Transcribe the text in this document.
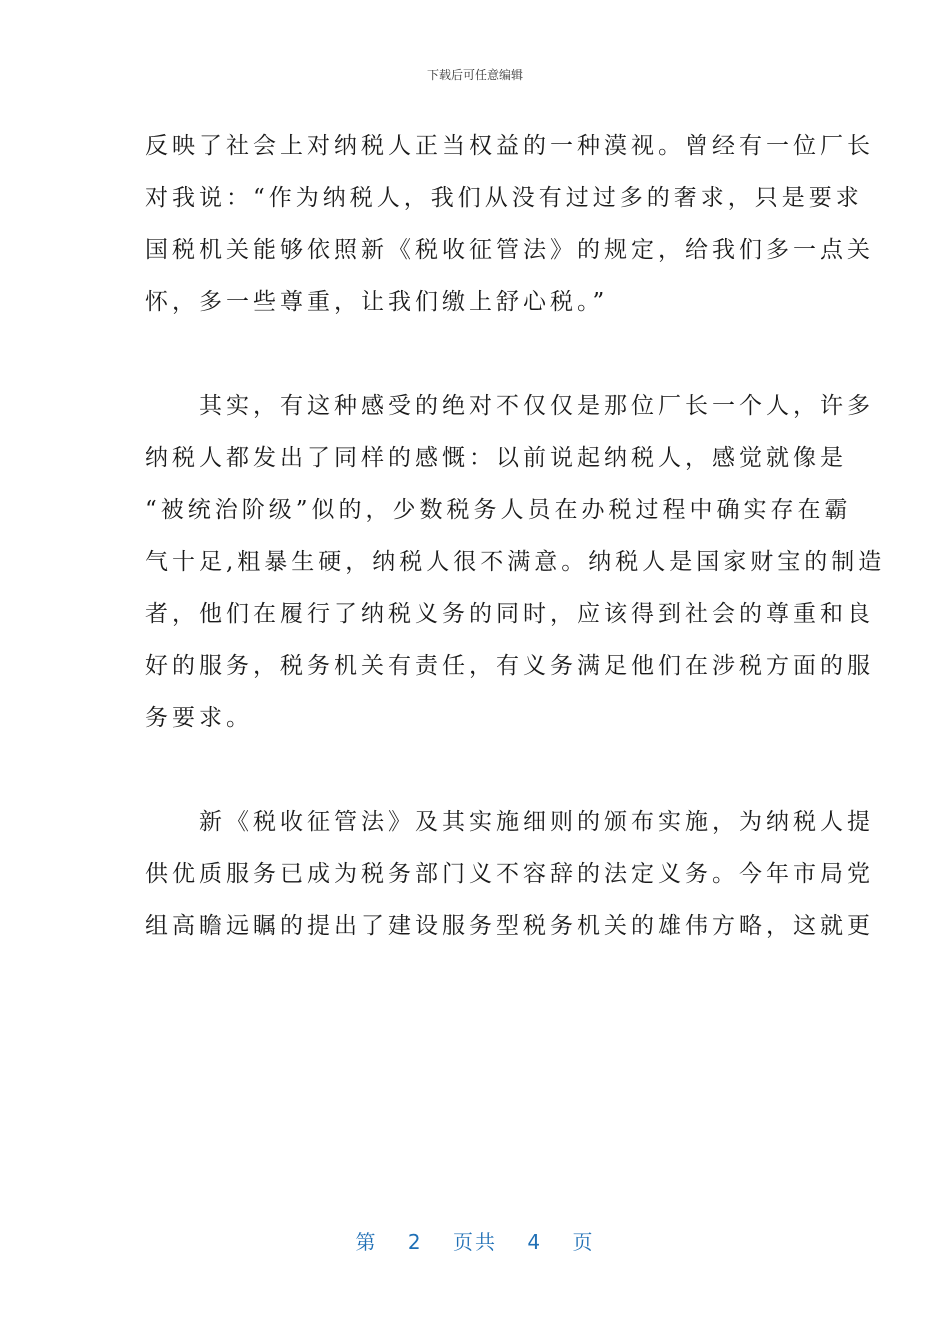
下载后可任意编辑
反映了社会上对纳税人正当权益的一种漠视。曾经有一位厂长
对我说：“作为纳税人，我们从没有过过多的奢求，只是要求
国税机关能够依照新《税收征管法》的规定，给我们多一点关
怀，多一些尊重，让我们缴上舒心税。”
　　其实，有这种感受的绝对不仅仅是那位厂长一个人，许多
纳税人都发出了同样的感慨：以前说起纳税人，感觉就像是
“被统治阶级”似的，少数税务人员在办税过程中确实存在霸
气十足,粗暴生硬，纳税人很不满意。纳税人是国家财宝的制造
者，他们在履行了纳税义务的同时，应该得到社会的尊重和良
好的服务，税务机关有责任，有义务满足他们在涉税方面的服
务要求。
　　新《税收征管法》及其实施细则的颁布实施，为纳税人提
供优质服务已成为税务部门义不容辞的法定义务。今年市局党
组高瞻远瞩的提出了建设服务型税务机关的雄伟方略，这就更
第 2 页共 4 页
